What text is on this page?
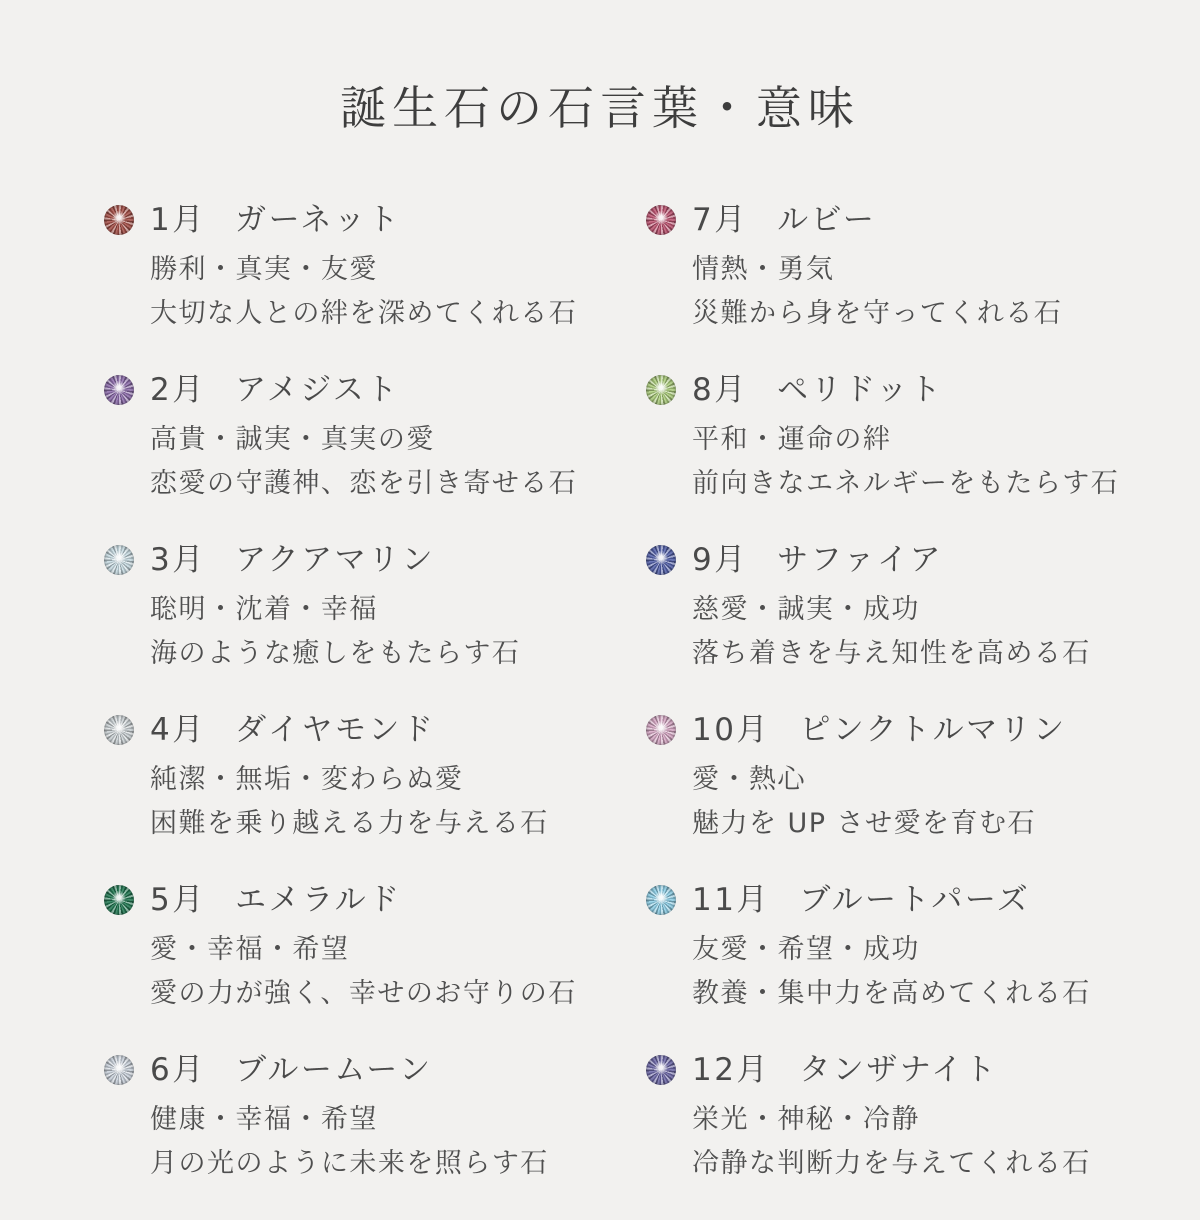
誕生石の石言葉・意味
1月 ガーネット
勝利・真実・友愛
大切な人との絆を深めてくれる石
2月 アメジスト
高貴・誠実・真実の愛
恋愛の守護神、恋を引き寄せる石
3月 アクアマリン
聡明・沈着・幸福
海のような癒しをもたらす石
4月 ダイヤモンド
純潔・無垢・変わらぬ愛
困難を乗り越える力を与える石
5月 エメラルド
愛・幸福・希望
愛の力が強く、幸せのお守りの石
6月 ブルームーン
健康・幸福・希望
月の光のように未来を照らす石
7月 ルビー
情熱・勇気
災難から身を守ってくれる石
8月 ペリドット
平和・運命の絆
前向きなエネルギーをもたらす石
9月 サファイア
慈愛・誠実・成功
落ち着きを与え知性を高める石
10月 ピンクトルマリン
愛・熱心
魅力を UP させ愛を育む石
11月 ブルートパーズ
友愛・希望・成功
教養・集中力を高めてくれる石
12月 タンザナイト
栄光・神秘・冷静
冷静な判断力を与えてくれる石
